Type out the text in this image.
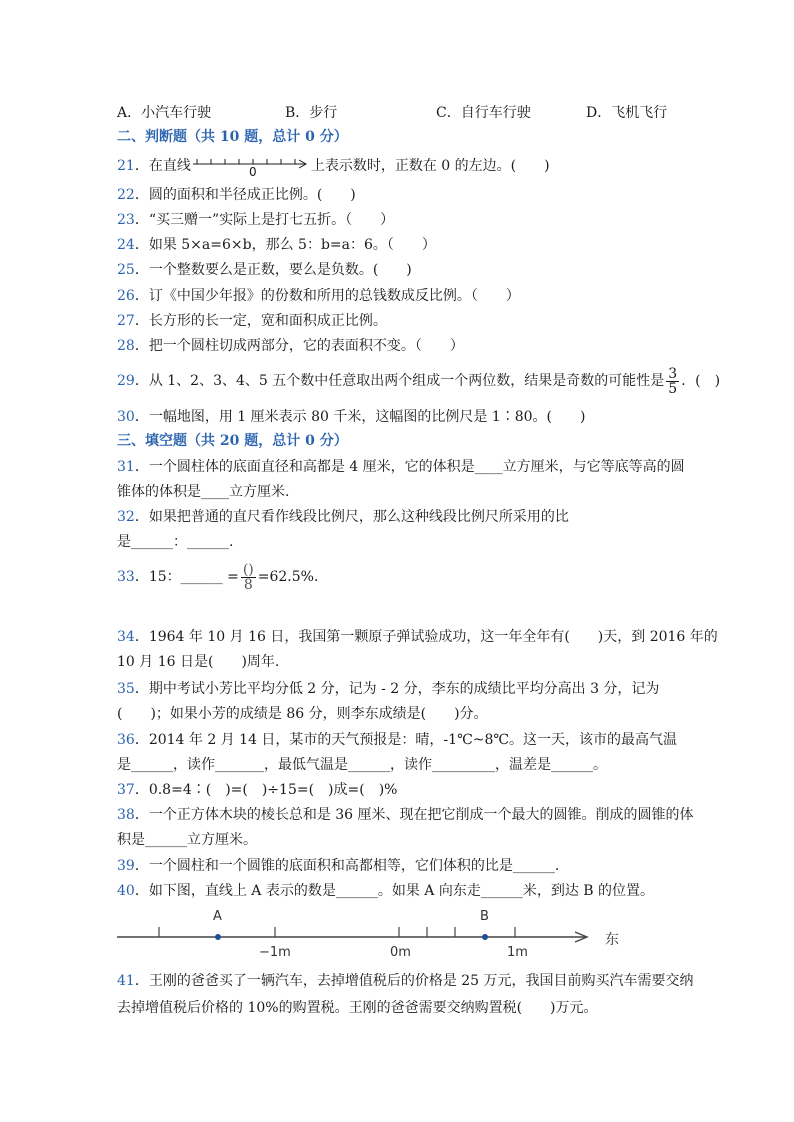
A．小汽车行驶	B．步行	C．自行车行驶	D．飞机飞行
二、判断题（共 10 题，总计 0 分）
21．在直线	0	上表示数时，正数在 0 的左边。(　　)
22．圆的面积和半径成正比例。(　　)
23．“买三赠一”实际上是打七五折。（　　）
24．如果 5×a=6×b，那么 5：b=a：6。（　　）
25．一个整数要么是正数，要么是负数。(　　)
26．订《中国少年报》的份数和所用的总钱数成反比例。（　　）
27．长方形的长一定，宽和面积成正比例。
28．把一个圆柱切成两部分，它的表面积不变。（　　）
29．从 1、2、3、4、5 五个数中任意取出两个组成一个两位数，结果是奇数的可能性是 $\frac{3}{5}$ ．(　)
30．一幅地图，用 1 厘米表示 80 千米，这幅图的比例尺是 1∶80。(　　)
三、填空题（共 20 题，总计 0 分）
31．一个圆柱体的底面直径和高都是 4 厘米，它的体积是____立方厘米，与它等底等高的圆
锥体的体积是____立方厘米.
32．如果把普通的直尺看作线段比例尺，那么这种线段比例尺所采用的比
是______：______.
33．15：______ = $\frac{()}{8} =62.5\%$.
34．1964 年 10 月 16 日，我国第一颗原子弹试验成功，这一年全年有(　　)天，到 2016 年的
10 月 16 日是(　　)周年.
35．期中考试小芳比平均分低 2 分，记为 - 2 分，李东的成绩比平均分高出 3 分，记为
(　　)；如果小芳的成绩是 86 分，则李东成绩是(　　)分。
36．2014 年 2 月 14 日，某市的天气预报是：晴，-1℃~8℃。这一天，该市的最高气温
是______，读作_______，最低气温是______，读作_________，温差是______。
37．0.8=4∶(　)=(　)÷15=(　)成=(　)%
38．一个正方体木块的棱长总和是 36 厘米、现在把它削成一个最大的圆锥。削成的圆锥的体
积是______立方厘米。
39．一个圆柱和一个圆锥的底面积和高都相等，它们体积的比是______.
40．如下图，直线上 A 表示的数是______。如果 A 向东走______米，到达 B 的位置。
A	B
−1m	0m	1m
东
41．王刚的爸爸买了一辆汽车，去掉增值税后的价格是 25 万元，我国目前购买汽车需要交纳
去掉增值税后价格的 10%的购置税。王刚的爸爸需要交纳购置税(　　)万元。
